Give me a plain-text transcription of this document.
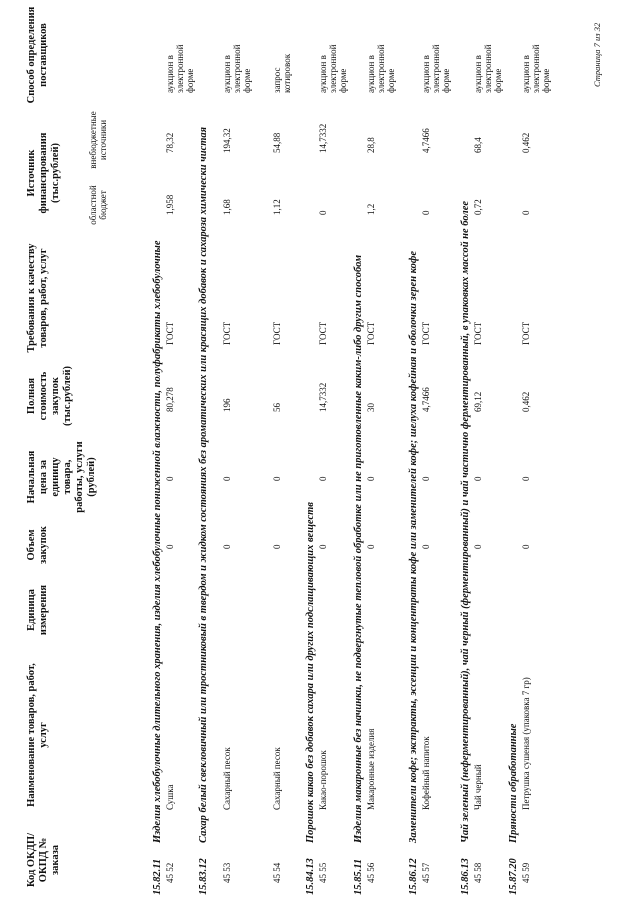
Код ОКДП/ ОКПД № заказа
Наименование товаров, работ, услуг
Единица измерения
Объем закупок
Начальная цена за единицу товара, работы, услуги (рублей)
Полная стоимость закупок (тыс.рублей)
Требования к качеству товаров, работ, услуг
Источник финансирования (тыс.рублей)
областной бюджет
внебюджетные источники
Способ определения поставщиков
15.82.11
Изделия хлебобулочные длительного хранения, изделия хлебобулочные пониженной влажности, полуфабрикаты хлебобулочные
45 52
Сушка
0
0
80,278
ГОСТ
1,958
78,32
аукцион в электронной форме
15.83.12
Сахар белый свекловичный или тростниковый в твердом и жидком состояниях без ароматических или красящих добавок и сахароза химически чистая
45 53
Сахарный песок
0
0
196
ГОСТ
1,68
194,32
аукцион в электронной форме
45 54
Сахарный песок
0
0
56
ГОСТ
1,12
54,88
запрос котировок
15.84.13
Порошок какао без добавок сахара или других подслащивающих веществ
45 55
Какао-порошок
0
0
14,7332
ГОСТ
0
14,7332
аукцион в электронной форме
15.85.11
Изделия макаронные без начинки, не подвергнутые тепловой обработке или не приготовленные каким-либо другим способом
45 56
Макаронные изделия
0
0
30
ГОСТ
1,2
28,8
аукцион в электронной форме
15.86.12
Заменители кофе; экстракты, эссенции и концентраты кофе или заменителей кофе; шелуха кофейная и оболочки зерен кофе
45 57
Кофейный напиток
0
0
4,7466
ГОСТ
0
4,7466
аукцион в электронной форме
15.86.13
Чай зеленый (неферментированный), чай черный (ферментированный) и чай частично ферментированный, в упаковках массой не более
45 58
Чай черный
0
0
69,12
ГОСТ
0,72
68,4
аукцион в электронной форме
15.87.20
Пряности обработанные
45 59
Петрушка сушеная (упаковка 7 гр)
0
0
0,462
ГОСТ
0
0,462
аукцион в электронной форме	Страница 7 из 32
